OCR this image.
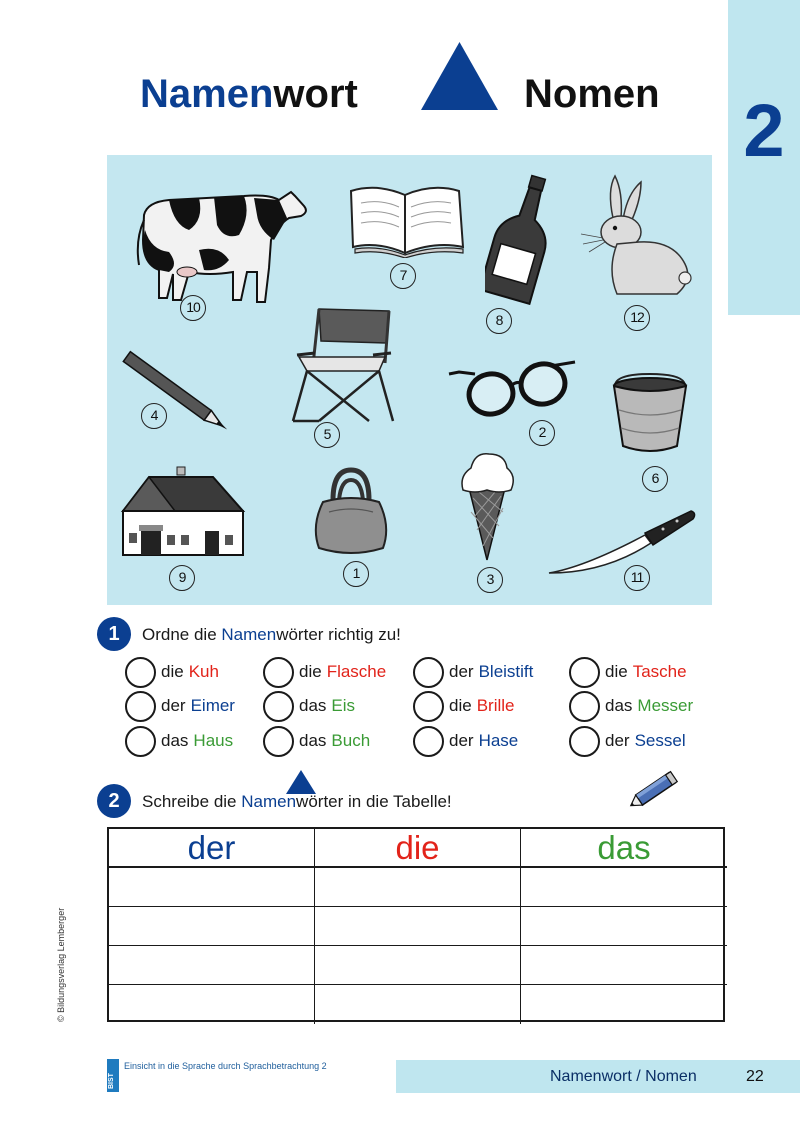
2
Namenwort	Nomen
10
7
8	12
4
5	2
6
9	1	3	11
1	Ordne die Namenwörter richtig zu!
die Kuh	die Flasche	der Bleistift	die Tasche
der Eimer	das Eis	die Brille	das Messer
das Haus	das Buch	der Hase	der Sessel
2	Schreibe die Namenwörter in die Tabelle!
der	die	das
© Bildungsverlag Lemberger
BIST
Einsicht in die Sprache durch Sprachbetrachtung 2
Namenwort / Nomen	22
